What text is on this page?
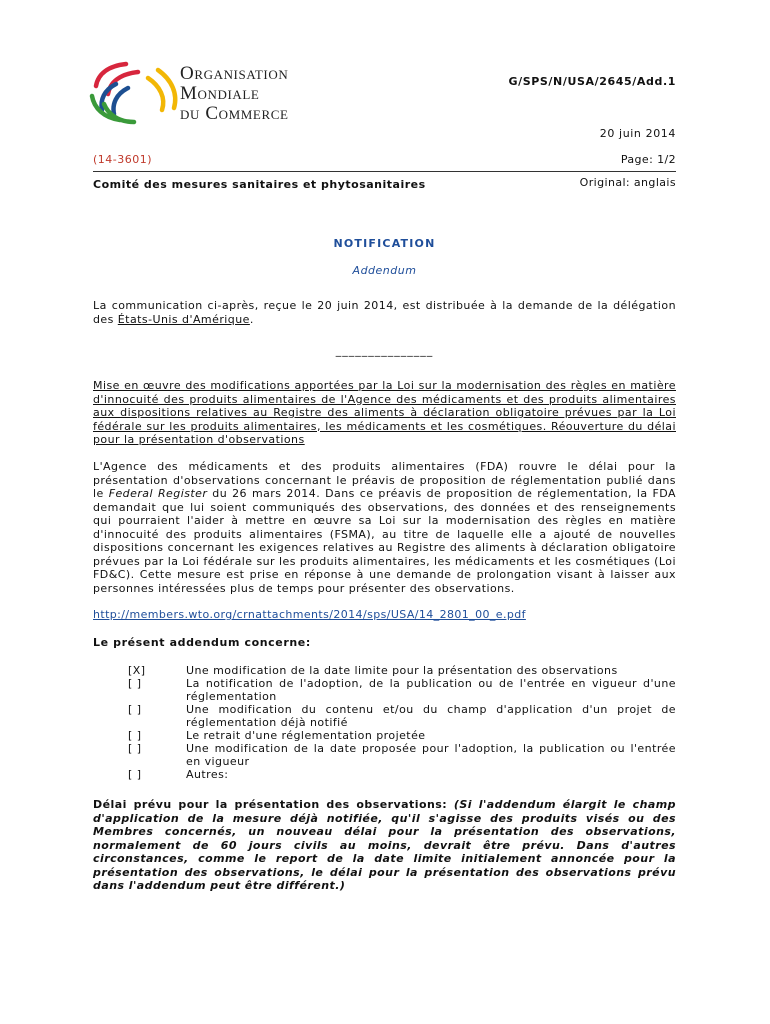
Organisation
Mondiale
du Commerce
G/SPS/N/USA/2645/Add.1
20 juin 2014
(14-3601)	Page: 1/2
Comité des mesures sanitaires et phytosanitaires	Original: anglais
NOTIFICATION
Addendum
La communication ci-après, reçue le 20 juin 2014, est distribuée à la demande de la délégation des États-Unis d'Amérique.
_______________
Mise en œuvre des modifications apportées par la Loi sur la modernisation des règles en matière d'innocuité des produits alimentaires de l'Agence des médicaments et des produits alimentaires aux dispositions relatives au Registre des aliments à déclaration obligatoire prévues par la Loi fédérale sur les produits alimentaires, les médicaments et les cosmétiques. Réouverture du délai pour la présentation d'observations
L'Agence des médicaments et des produits alimentaires (FDA) rouvre le délai pour la présentation d'observations concernant le préavis de proposition de réglementation publié dans le Federal Register du 26 mars 2014. Dans ce préavis de proposition de réglementation, la FDA demandait que lui soient communiqués des observations, des données et des renseignements qui pourraient l'aider à mettre en œuvre sa Loi sur la modernisation des règles en matière d'innocuité des produits alimentaires (FSMA), au titre de laquelle elle a ajouté de nouvelles dispositions concernant les exigences relatives au Registre des aliments à déclaration obligatoire prévues par la Loi fédérale sur les produits alimentaires, les médicaments et les cosmétiques (Loi FD&C). Cette mesure est prise en réponse à une demande de prolongation visant à laisser aux personnes intéressées plus de temps pour présenter des observations.
http://members.wto.org/crnattachments/2014/sps/USA/14_2801_00_e.pdf
Le présent addendum concerne:
[X]	Une modification de la date limite pour la présentation des observations
[ ]	La notification de l'adoption, de la publication ou de l'entrée en vigueur d'une réglementation
[ ]	Une modification du contenu et/ou du champ d'application d'un projet de réglementation déjà notifié
[ ]	Le retrait d'une réglementation projetée
[ ]	Une modification de la date proposée pour l'adoption, la publication ou l'entrée en vigueur
[ ]	Autres:
Délai prévu pour la présentation des observations: (Si l'addendum élargit le champ d'application de la mesure déjà notifiée, qu'il s'agisse des produits visés ou des Membres concernés, un nouveau délai pour la présentation des observations, normalement de 60 jours civils au moins, devrait être prévu. Dans d'autres circonstances, comme le report de la date limite initialement annoncée pour la présentation des observations, le délai pour la présentation des observations prévu dans l'addendum peut être différent.)
